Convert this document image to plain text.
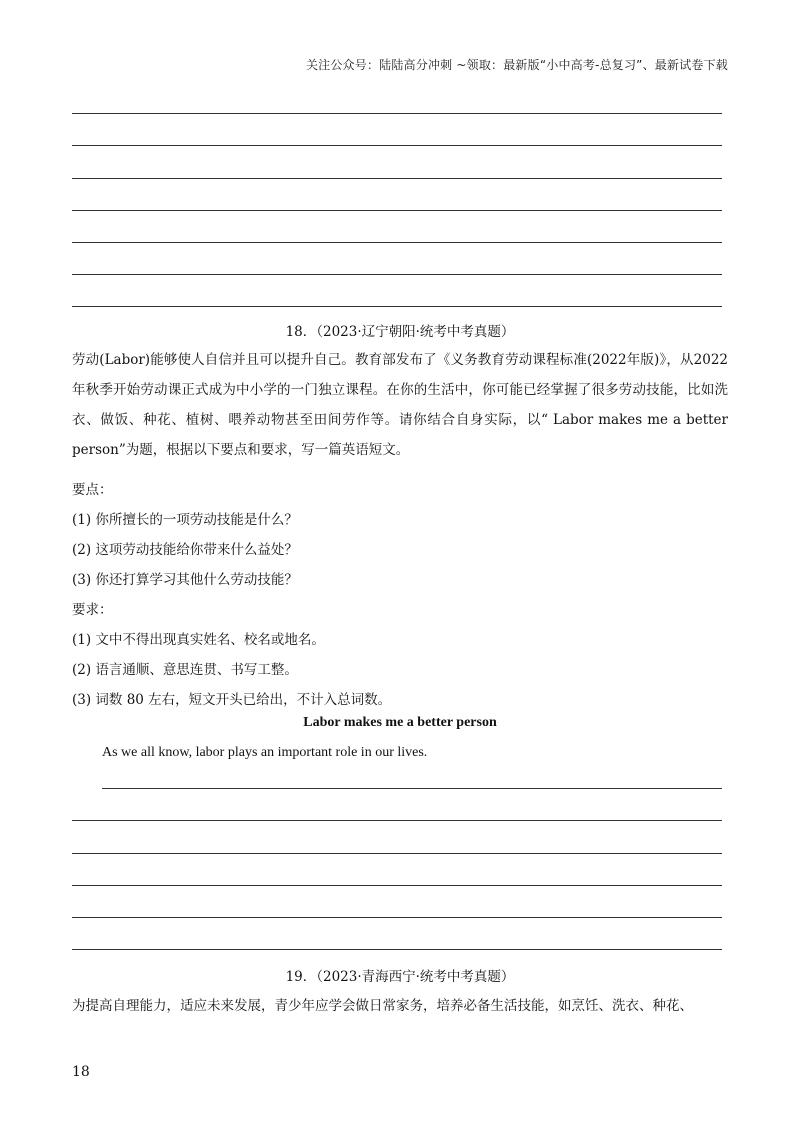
关注公众号：陆陆高分冲刺 ~领取：最新版“小中高考-总复习”、最新试卷下载
18．（2023·辽宁朝阳·统考中考真题）
劳动(Labor)能够使人自信并且可以提升自己。教育部发布了《义务教育劳动课程标准(2022年版)》，从2022年秋季开始劳动课正式成为中小学的一门独立课程。在你的生活中，你可能已经掌握了很多劳动技能，比如洗衣、做饭、种花、植树、喂养动物甚至田间劳作等。请你结合自身实际，以“ Labor makes me a better person”为题，根据以下要点和要求，写一篇英语短文。
要点：
(1) 你所擅长的一项劳动技能是什么？
(2) 这项劳动技能给你带来什么益处？
(3) 你还打算学习其他什么劳动技能？
要求：
(1) 文中不得出现真实姓名、校名或地名。
(2) 语言通顺、意思连贯、书写工整。
(3) 词数 80 左右，短文开头已给出，不计入总词数。
Labor makes me a better person
As we all know, labor plays an important role in our lives.
19．（2023·青海西宁·统考中考真题）
为提高自理能力，适应未来发展，青少年应学会做日常家务，培养必备生活技能，如烹饪、洗衣、种花、
18
